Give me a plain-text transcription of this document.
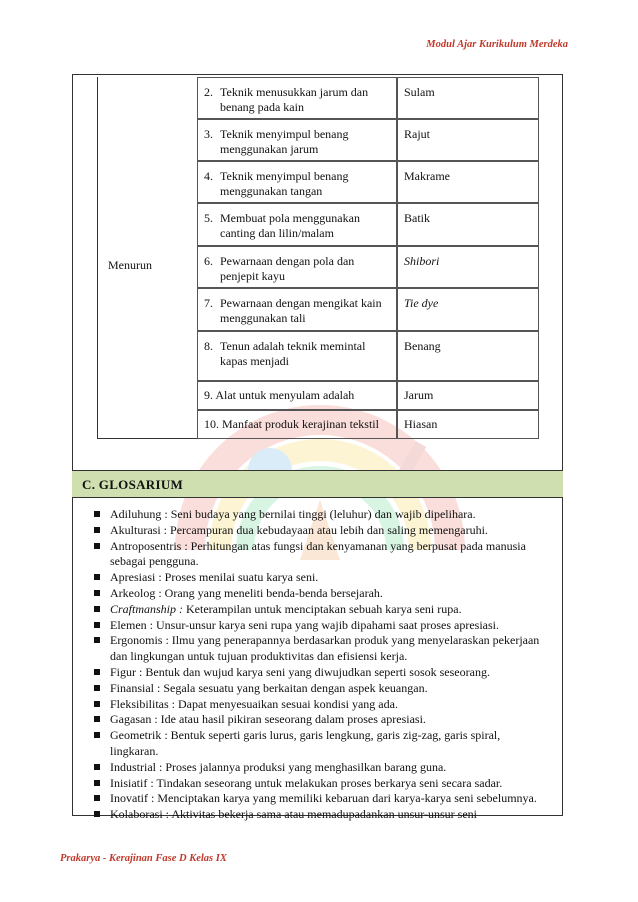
Modul Ajar Kurikulum Merdeka
Menurun
2. Teknik menusukkan jarum dan
benang pada kain
Sulam
3. Teknik menyimpul benang
menggunakan jarum
Rajut
4. Teknik menyimpul benang
menggunakan tangan
Makrame
5. Membuat pola menggunakan
canting dan lilin/malam
Batik
6. Pewarnaan dengan pola dan
penjepit kayu
Shibori
7. Pewarnaan dengan mengikat kain
menggunakan tali
Tie dye
8. Tenun adalah teknik memintal
kapas menjadi
Benang
9. Alat untuk menyulam adalah	Jarum
10. Manfaat produk kerajinan tekstil	Hiasan
C. GLOSARIUM
Adiluhung : Seni budaya yang bernilai tinggi (leluhur) dan wajib dipelihara.
Akulturasi : Percampuran dua kebudayaan atau lebih dan saling memengaruhi.
Antroposentris : Perhitungan atas fungsi dan kenyamanan yang berpusat pada manusia sebagai pengguna.
Apresiasi : Proses menilai suatu karya seni.
Arkeolog : Orang yang meneliti benda-benda bersejarah.
Craftmanship : Keterampilan untuk menciptakan sebuah karya seni rupa.
Elemen : Unsur-unsur karya seni rupa yang wajib dipahami saat proses apresiasi.
Ergonomis : Ilmu yang penerapannya berdasarkan produk yang menyelaraskan pekerjaan dan lingkungan untuk tujuan produktivitas dan efisiensi kerja.
Figur : Bentuk dan wujud karya seni yang diwujudkan seperti sosok seseorang.
Finansial : Segala sesuatu yang berkaitan dengan aspek keuangan.
Fleksibilitas : Dapat menyesuaikan sesuai kondisi yang ada.
Gagasan : Ide atau hasil pikiran seseorang dalam proses apresiasi.
Geometrik : Bentuk seperti garis lurus, garis lengkung, garis zig-zag, garis spiral, lingkaran.
Industrial : Proses jalannya produksi yang menghasilkan barang guna.
Inisiatif : Tindakan seseorang untuk melakukan proses berkarya seni secara sadar.
Inovatif : Menciptakan karya yang memiliki kebaruan dari karya-karya seni sebelumnya.
Kolaborasi : Aktivitas bekerja sama atau memadupadankan unsur-unsur seni
Prakarya - Kerajinan Fase D Kelas IX
